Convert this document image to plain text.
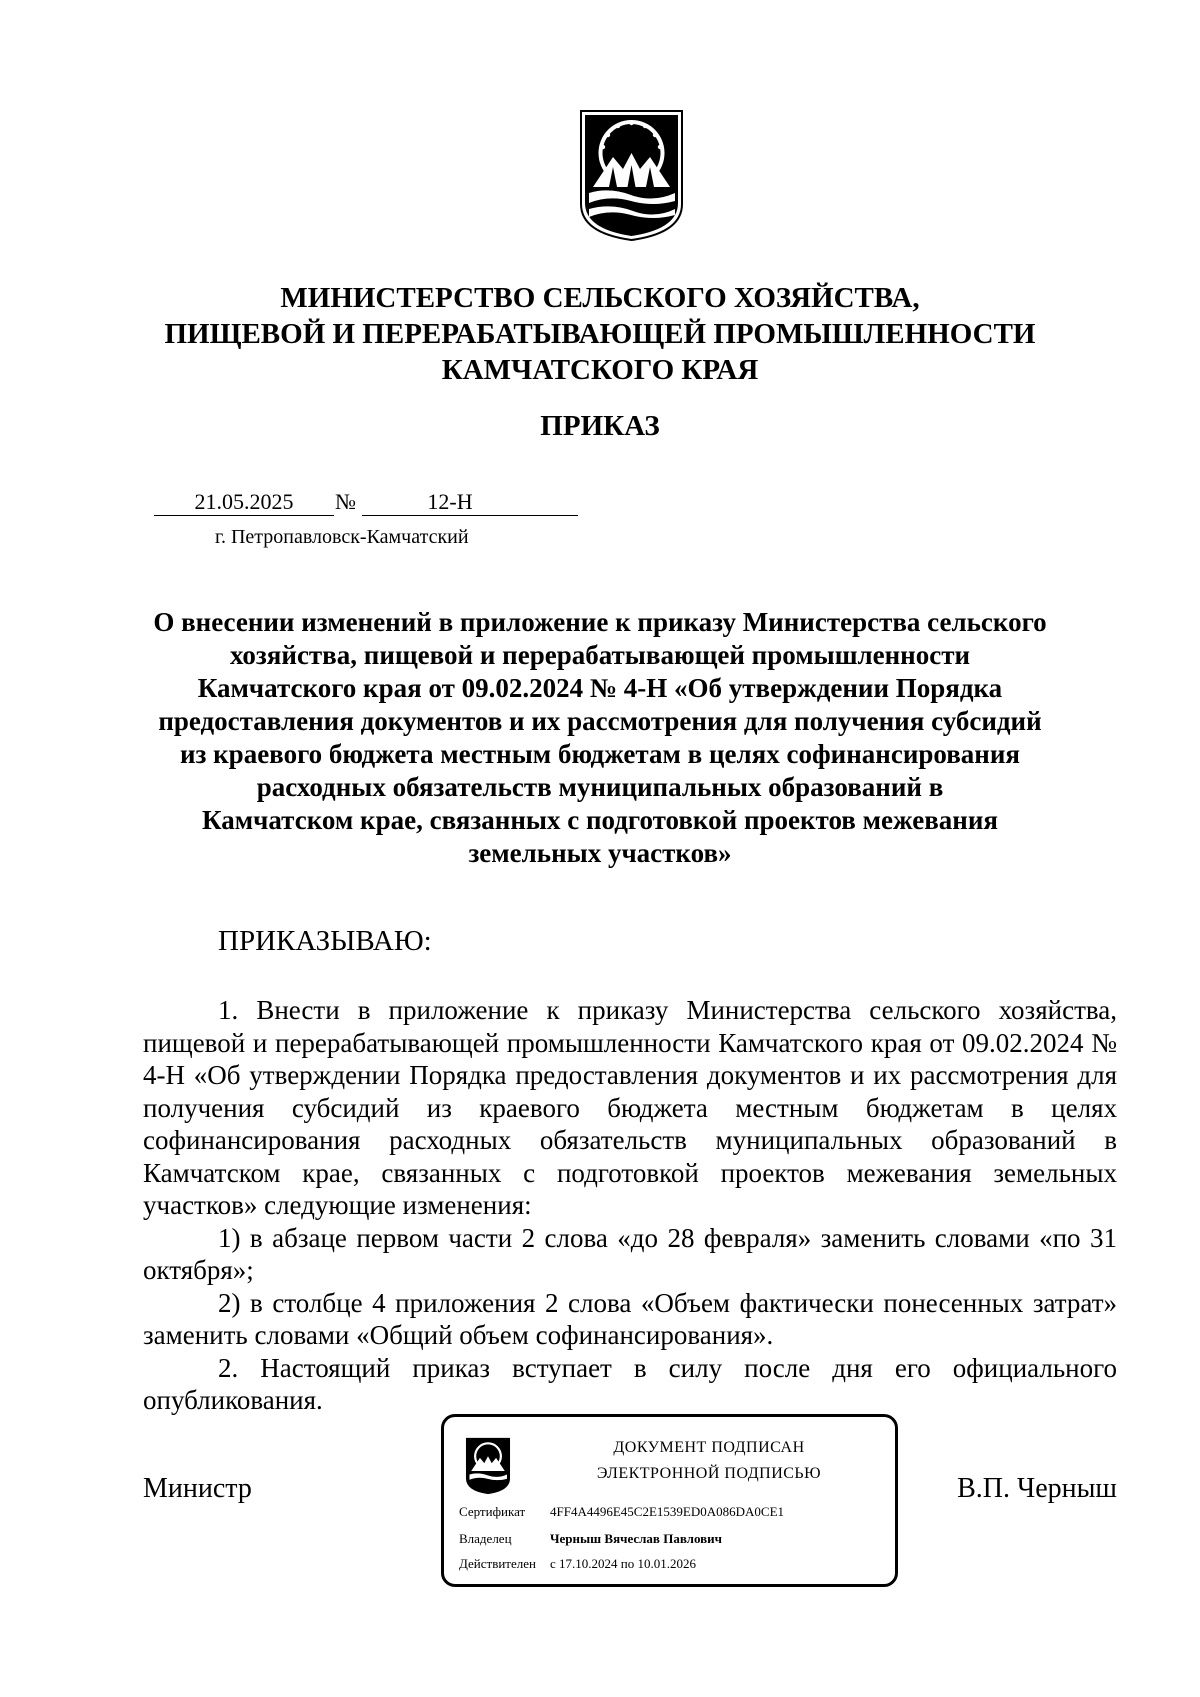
МИНИСТЕРСТВО СЕЛЬСКОГО ХОЗЯЙСТВА,
ПИЩЕВОЙ И ПЕРЕРАБАТЫВАЮЩЕЙ ПРОМЫШЛЕННОСТИ
КАМЧАТСКОГО КРАЯ
ПРИКАЗ
21.05.2025	№	12-Н
г. Петропавловск-Камчатский
О внесении изменений в приложение к приказу Министерства сельского
хозяйства, пищевой и перерабатывающей промышленности
Камчатского края от 09.02.2024 № 4-Н «Об утверждении Порядка
предоставления документов и их рассмотрения для получения субсидий
из краевого бюджета местным бюджетам в целях софинансирования
расходных обязательств муниципальных образований в
Камчатском крае, связанных с подготовкой проектов межевания
земельных участков»
ПРИКАЗЫВАЮ:

1. Внести в приложение к приказу Министерства сельского хозяйства, пищевой и перерабатывающей промышленности Камчатского края от 09.02.2024 № 4-Н «Об утверждении Порядка предоставления документов и их рассмотрения для получения субсидий из краевого бюджета местным бюджетам в целях софинансирования расходных обязательств муниципальных образований в Камчатском крае, связанных с подготовкой проектов межевания земельных участков» следующие изменения:

1) в абзаце первом части 2 слова «до 28 февраля» заменить словами «по 31 октября»;

2) в столбце 4 приложения 2 слова «Объем фактически понесенных затрат» заменить словами «Общий объем софинансирования».

2. Настоящий приказ вступает в силу после дня его официального опубликования.

Министр	В.П. Черныш
ДОКУМЕНТ ПОДПИСАН
ЭЛЕКТРОННОЙ ПОДПИСЬЮ
Сертификат 4FF4A4496E45C2E1539ED0A086DA0CE1
Владелец	Черныш Вячеслав Павлович
Действителен с 17.10.2024 по 10.01.2026
